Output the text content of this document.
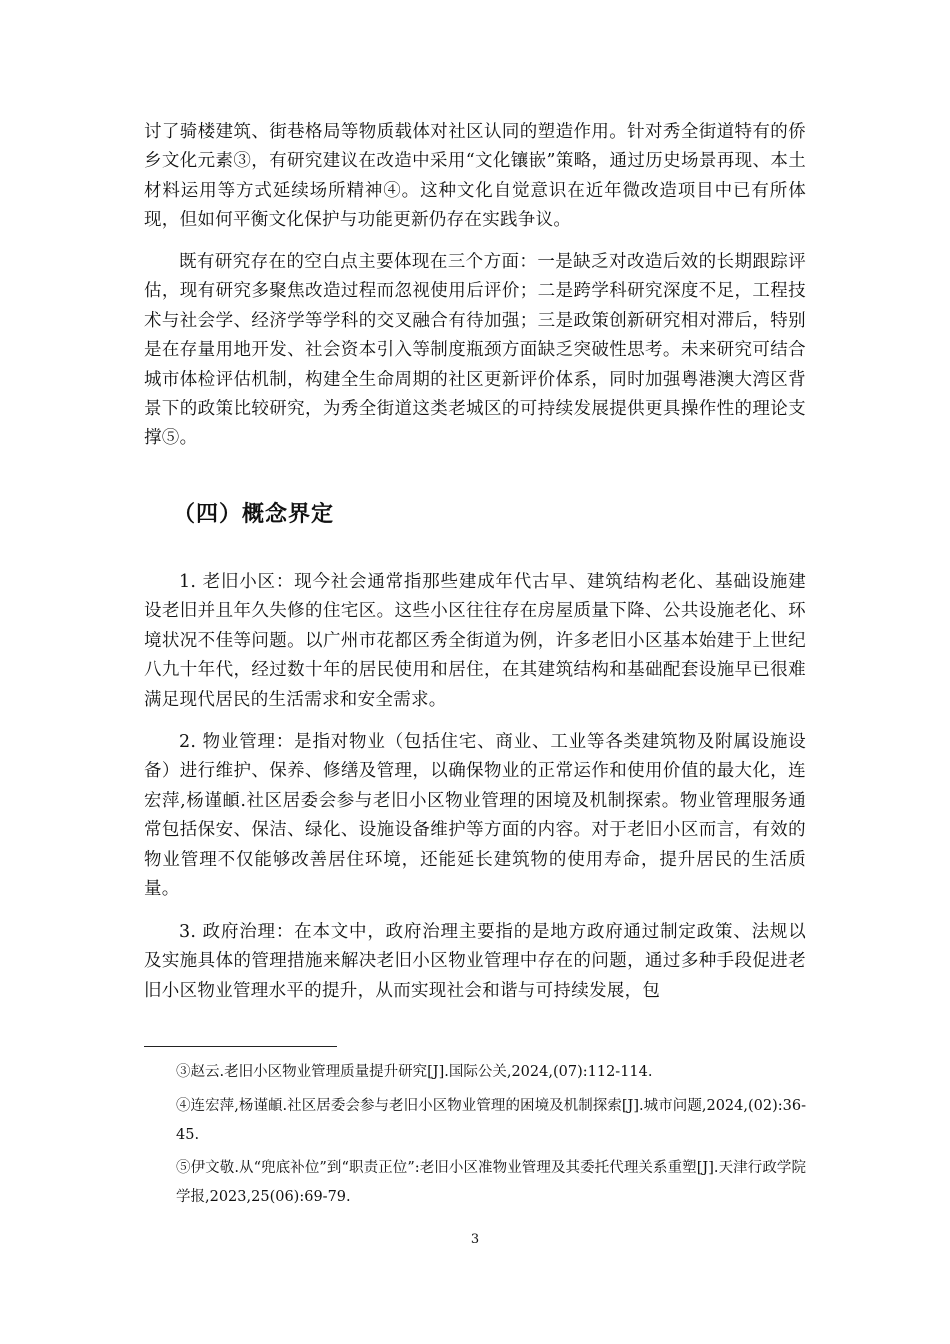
讨了骑楼建筑、街巷格局等物质载体对社区认同的塑造作用。针对秀全街道特有的侨乡文化元素③，有研究建议在改造中采用“文化镶嵌”策略，通过历史场景再现、本土材料运用等方式延续场所精神④。这种文化自觉意识在近年微改造项目中已有所体现，但如何平衡文化保护与功能更新仍存在实践争议。

既有研究存在的空白点主要体现在三个方面：一是缺乏对改造后效的长期跟踪评估，现有研究多聚焦改造过程而忽视使用后评价；二是跨学科研究深度不足，工程技术与社会学、经济学等学科的交叉融合有待加强；三是政策创新研究相对滞后，特别是在存量用地开发、社会资本引入等制度瓶颈方面缺乏突破性思考。未来研究可结合城市体检评估机制，构建全生命周期的社区更新评价体系，同时加强粤港澳大湾区背景下的政策比较研究，为秀全街道这类老城区的可持续发展提供更具操作性的理论支撑⑤。

（四）概念界定

1. 老旧小区：现今社会通常指那些建成年代古早、建筑结构老化、基础设施建设老旧并且年久失修的住宅区。这些小区往往存在房屋质量下降、公共设施老化、环境状况不佳等问题。以广州市花都区秀全街道为例，许多老旧小区基本始建于上世纪八九十年代，经过数十年的居民使用和居住，在其建筑结构和基础配套设施早已很难满足现代居民的生活需求和安全需求。

2. 物业管理：是指对物业（包括住宅、商业、工业等各类建筑物及附属设施设备）进行维护、保养、修缮及管理，以确保物业的正常运作和使用价值的最大化，连宏萍,杨谨頔.社区居委会参与老旧小区物业管理的困境及机制探索。物业管理服务通常包括保安、保洁、绿化、设施设备维护等方面的内容。对于老旧小区而言，有效的物业管理不仅能够改善居住环境，还能延长建筑物的使用寿命，提升居民的生活质量。

3. 政府治理：在本文中，政府治理主要指的是地方政府通过制定政策、法规以及实施具体的管理措施来解决老旧小区物业管理中存在的问题，通过多种手段促进老旧小区物业管理水平的提升，从而实现社会和谐与可持续发展，包

③赵云.老旧小区物业管理质量提升研究[J].国际公关,2024,(07):112-114.

④连宏萍,杨谨頔.社区居委会参与老旧小区物业管理的困境及机制探索[J].城市问题,2024,(02):36-45.

⑤伊文敬.从“兜底补位”到“职责正位”:老旧小区准物业管理及其委托代理关系重塑[J].天津行政学院学报,2023,25(06):69-79.

3
